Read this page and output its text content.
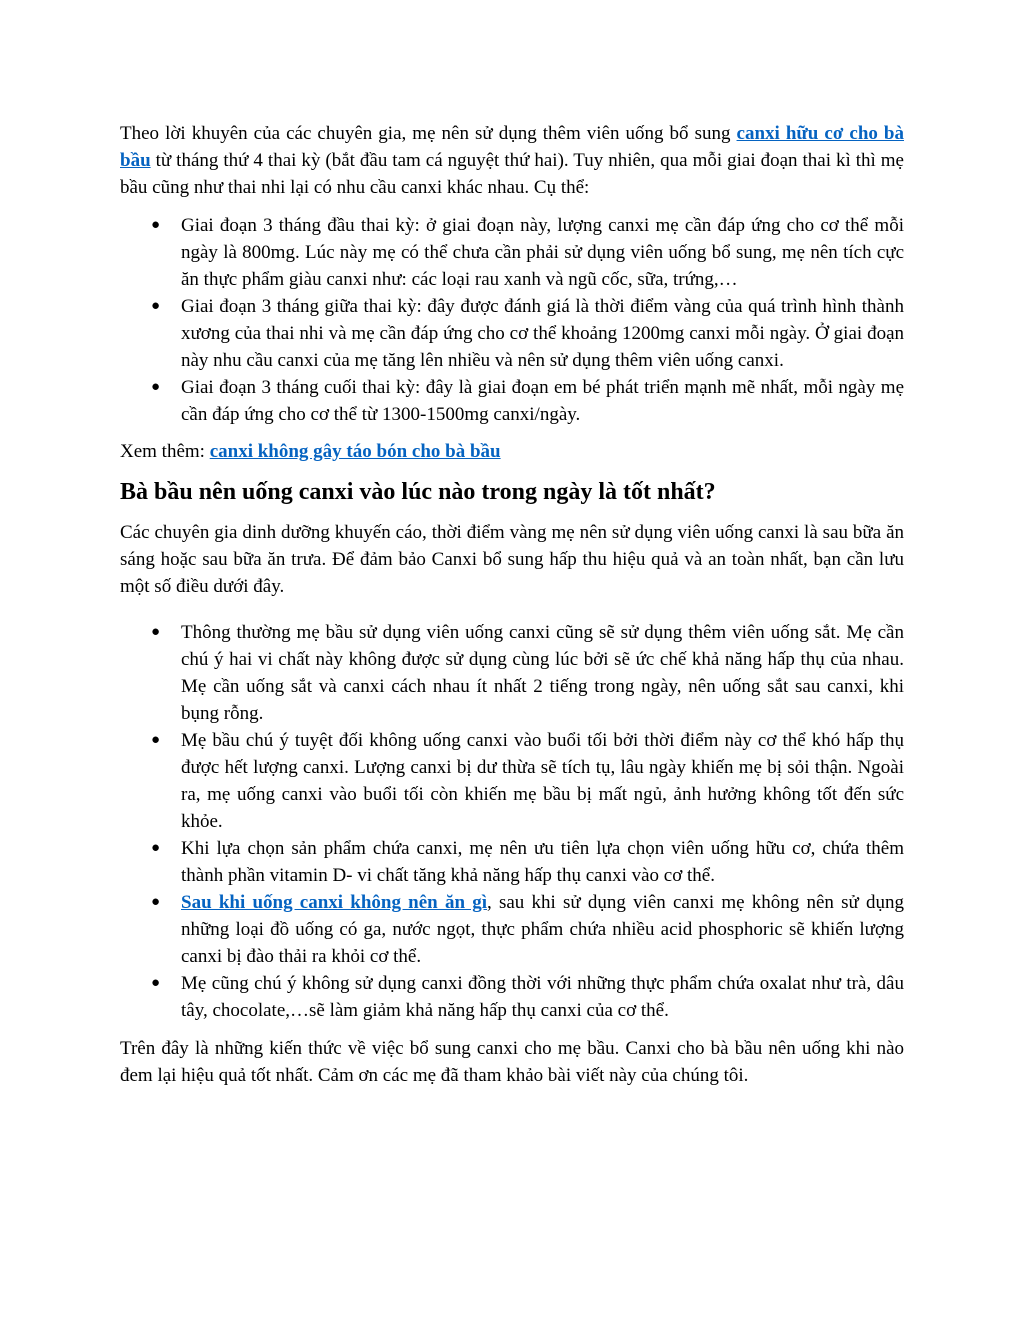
Theo lời khuyên của các chuyên gia, mẹ nên sử dụng thêm viên uống bổ sung canxi hữu cơ cho bà bầu từ tháng thứ 4 thai kỳ (bắt đầu tam cá nguyệt thứ hai). Tuy nhiên, qua mỗi giai đoạn thai kì thì mẹ bầu cũng như thai nhi lại có nhu cầu canxi khác nhau. Cụ thể:

● Giai đoạn 3 tháng đầu thai kỳ: ở giai đoạn này, lượng canxi mẹ cần đáp ứng cho cơ thể mỗi ngày là 800mg. Lúc này mẹ có thể chưa cần phải sử dụng viên uống bổ sung, mẹ nên tích cực ăn thực phẩm giàu canxi như: các loại rau xanh và ngũ cốc, sữa, trứng,…
● Giai đoạn 3 tháng giữa thai kỳ: đây được đánh giá là thời điểm vàng của quá trình hình thành xương của thai nhi và mẹ cần đáp ứng cho cơ thể khoảng 1200mg canxi mỗi ngày. Ở giai đoạn này nhu cầu canxi của mẹ tăng lên nhiều và nên sử dụng thêm viên uống canxi.
● Giai đoạn 3 tháng cuối thai kỳ: đây là giai đoạn em bé phát triển mạnh mẽ nhất, mỗi ngày mẹ cần đáp ứng cho cơ thể từ 1300-1500mg canxi/ngày.

Xem thêm: canxi không gây táo bón cho bà bầu

Bà bầu nên uống canxi vào lúc nào trong ngày là tốt nhất?

Các chuyên gia dinh dưỡng khuyến cáo, thời điểm vàng mẹ nên sử dụng viên uống canxi là sau bữa ăn sáng hoặc sau bữa ăn trưa. Để đảm bảo Canxi bổ sung hấp thu hiệu quả và an toàn nhất, bạn cần lưu một số điều dưới đây.

● Thông thường mẹ bầu sử dụng viên uống canxi cũng sẽ sử dụng thêm viên uống sắt. Mẹ cần chú ý hai vi chất này không được sử dụng cùng lúc bởi sẽ ức chế khả năng hấp thụ của nhau. Mẹ cần uống sắt và canxi cách nhau ít nhất 2 tiếng trong ngày, nên uống sắt sau canxi, khi bụng rỗng.
● Mẹ bầu chú ý tuyệt đối không uống canxi vào buổi tối bởi thời điểm này cơ thể khó hấp thụ được hết lượng canxi. Lượng canxi bị dư thừa sẽ tích tụ, lâu ngày khiến mẹ bị sỏi thận. Ngoài ra, mẹ uống canxi vào buổi tối còn khiến mẹ bầu bị mất ngủ, ảnh hưởng không tốt đến sức khỏe.
● Khi lựa chọn sản phẩm chứa canxi, mẹ nên ưu tiên lựa chọn viên uống hữu cơ, chứa thêm thành phần vitamin D- vi chất tăng khả năng hấp thụ canxi vào cơ thể.
● Sau khi uống canxi không nên ăn gì, sau khi sử dụng viên canxi mẹ không nên sử dụng những loại đồ uống có ga, nước ngọt, thực phẩm chứa nhiều acid phosphoric sẽ khiến lượng canxi bị đào thải ra khỏi cơ thể.
● Mẹ cũng chú ý không sử dụng canxi đồng thời với những thực phẩm chứa oxalat như trà, dâu tây, chocolate,…sẽ làm giảm khả năng hấp thụ canxi của cơ thể.

Trên đây là những kiến thức về việc bổ sung canxi cho mẹ bầu. Canxi cho bà bầu nên uống khi nào đem lại hiệu quả tốt nhất. Cảm ơn các mẹ đã tham khảo bài viết này của chúng tôi.
